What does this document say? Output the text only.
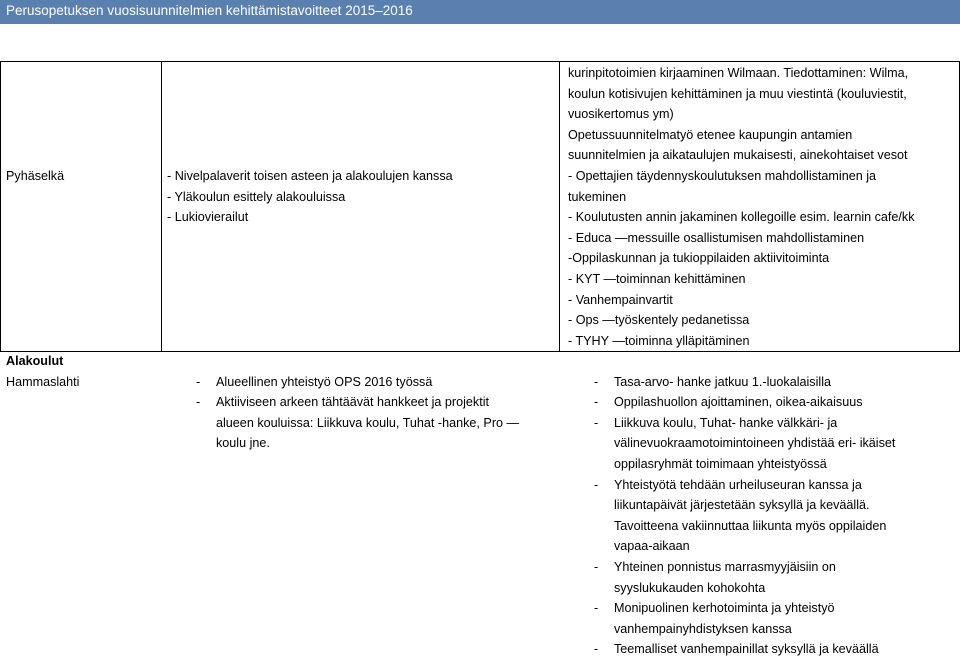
Perusopetuksen vuosisuunnitelmien kehittämistavoitteet 2015–2016
Pyhäselkä
kurinpitotoimien kirjaaminen Wilmaan. Tiedottaminen: Wilma,
koulun kotisivujen kehittäminen ja muu viestintä (kouluviestit,
vuosikertomus ym)
Opetussuunnitelmatyö etenee kaupungin antamien
suunnitelmien ja aikataulujen mukaisesti, ainekohtaiset vesot
- Nivelpalaverit toisen asteen ja alakoulujen kanssa
- Yläkoulun esittely alakouluissa
- Lukiovierailut
- Opettajien täydennyskoulutuksen mahdollistaminen ja
tukeminen
- Koulutusten annin jakaminen kollegoille esim. learnin cafe/kk
- Educa —messuille osallistumisen mahdollistaminen
-Oppilaskunnan ja tukioppilaiden aktiivitoiminta
- KYT —toiminnan kehittäminen
- Vanhempainvartit
- Ops —työskentely pedanetissa
- TYHY —toiminna ylläpitäminen
Alakoulut
Hammaslahti	- Alueellinen yhteistyö OPS 2016 työssä
- Aktiiviseen arkeen tähtäävät hankkeet ja projektit
alueen kouluissa: Liikkuva koulu, Tuhat -hanke, Pro —
koulu jne.
- Tasa-arvo- hanke jatkuu 1.-luokalaisilla
- Oppilashuollon ajoittaminen, oikea-aikaisuus
- Liikkuva koulu, Tuhat- hanke välkkäri- ja
välinevuokraamotoimintoineen yhdistää eri- ikäiset
oppilasryhmät toimimaan yhteistyössä
- Yhteistyötä tehdään urheiluseuran kanssa ja
liikuntapäivät järjestetään syksyllä ja keväällä.
Tavoitteena vakiinnuttaa liikunta myös oppilaiden
vapaa-aikaan
- Yhteinen ponnistus marrasmyyjäisiin on
syyslukukauden kohokohta
- Monipuolinen kerhotoiminta ja yhteistyö
vanhempainyhdistyksen kanssa
- Teemalliset vanhempainillat syksyllä ja keväällä
